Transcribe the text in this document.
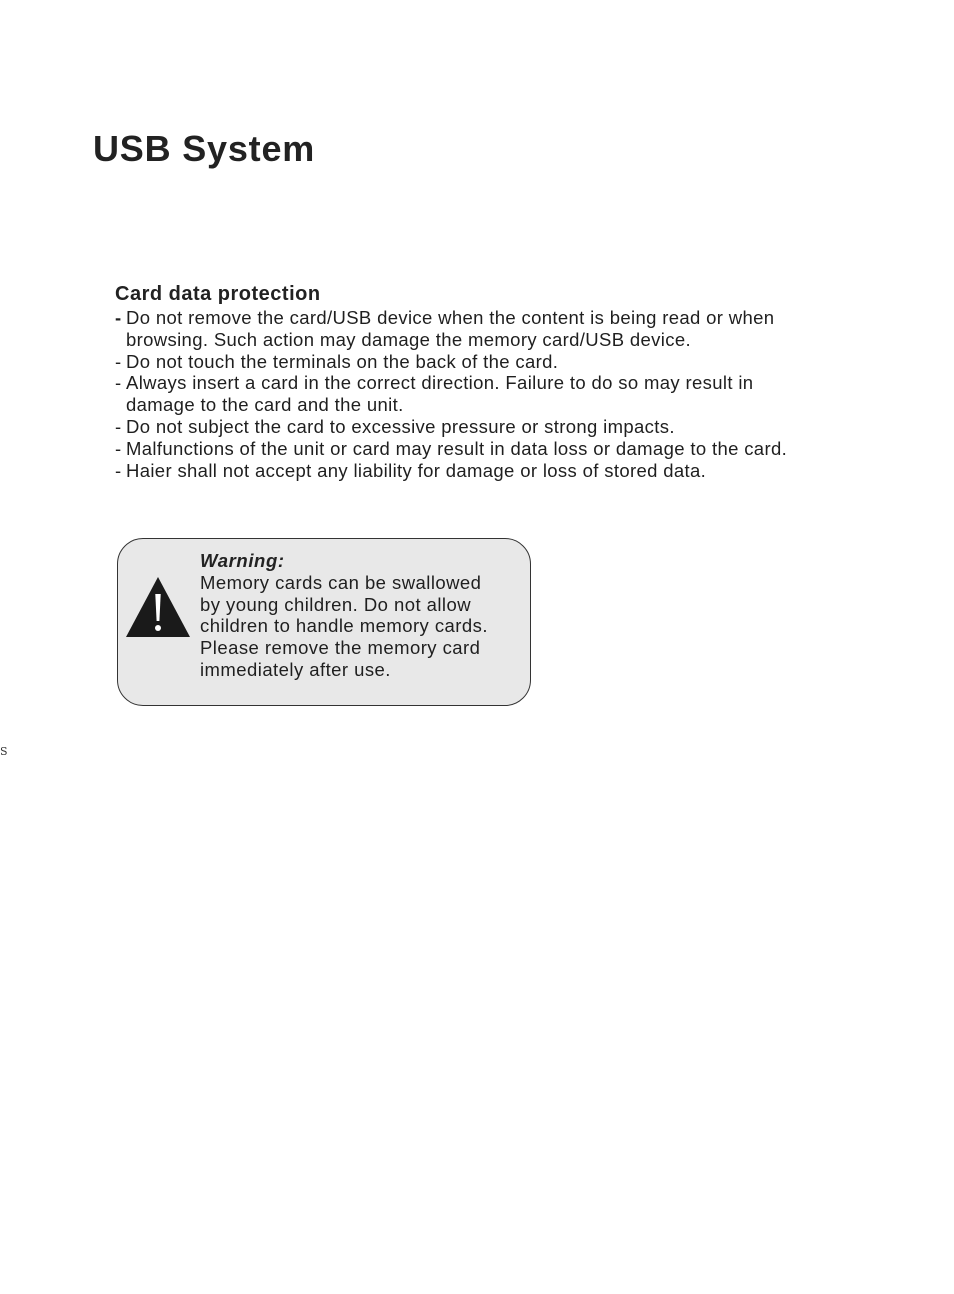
USB System
Card data protection
- Do not remove the card/USB device when the content is being read or when
browsing. Such action may damage the memory card/USB device.
- Do not touch the terminals on the back of the card.
- Always insert a card in the correct direction. Failure to do so may result in
damage to the card and the unit.
- Do not subject the card to excessive pressure or strong impacts.
- Malfunctions of the unit or card may result in data loss or damage to the card.
- Haier shall not accept any liability for damage or loss of stored data.

Warning:

Memory cards can be swallowed
by young children. Do not allow
children to handle memory cards.
Please remove the memory card
immediately after use.

S
